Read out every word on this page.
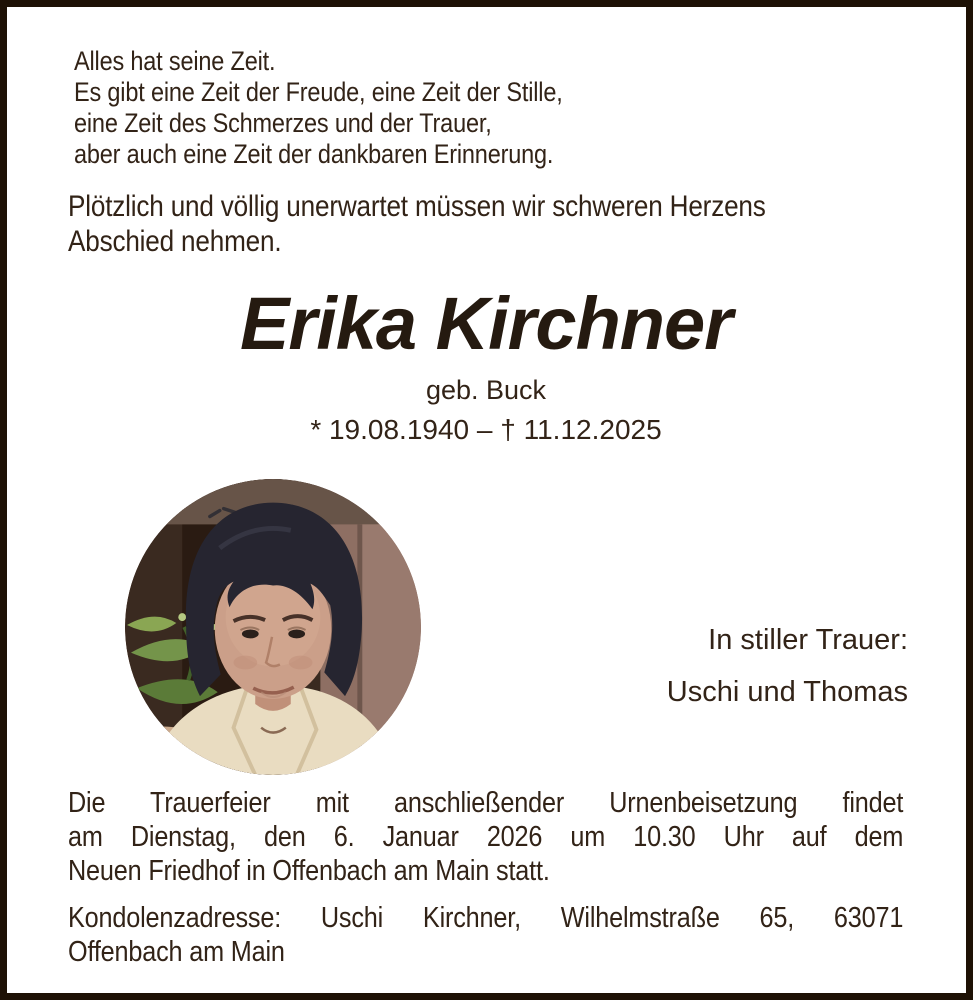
Alles hat seine Zeit.
Es gibt eine Zeit der Freude, eine Zeit der Stille,
eine Zeit des Schmerzes und der Trauer,
aber auch eine Zeit der dankbaren Erinnerung.
Plötzlich und völlig unerwartet müssen wir schweren Herzens
Abschied nehmen.
Erika Kirchner
geb. Buck
* 19.08.1940 – † 11.12.2025
In stiller Trauer:
Uschi und Thomas
Die Trauerfeier mit anschließender Urnenbeisetzung findet
am Dienstag, den 6. Januar 2026 um 10.30 Uhr auf dem
Neuen Friedhof in Offenbach am Main statt.
Kondolenzadresse: Uschi Kirchner, Wilhelmstraße 65, 63071
Offenbach am Main
